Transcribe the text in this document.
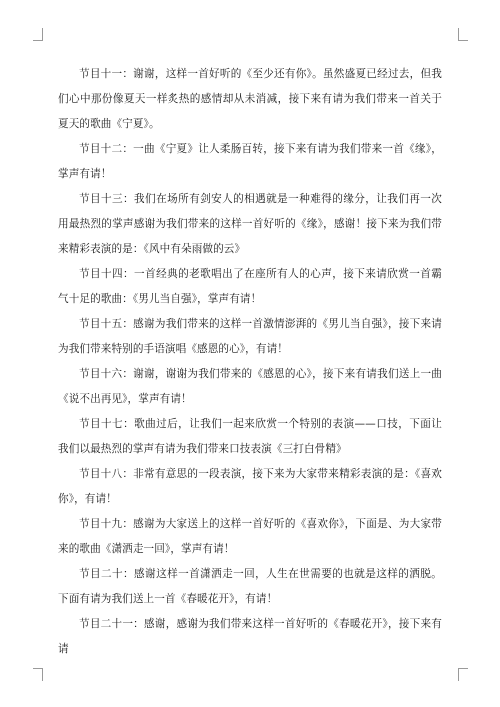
节目十一：谢谢，这样一首好听的《至少还有你》。虽然盛夏已经过去，但我们心中那份像夏天一样炙热的感情却从未消减，接下来有请为我们带来一首关于夏天的歌曲《宁夏》。

节目十二：一曲《宁夏》让人柔肠百转，接下来有请为我们带来一首《缘》，掌声有请！

节目十三：我们在场所有剑安人的相遇就是一种难得的缘分，让我们再一次用最热烈的掌声感谢为我们带来的这样一首好听的《缘》，感谢！接下来为我们带来精彩表演的是：《风中有朵雨做的云》

节目十四：一首经典的老歌唱出了在座所有人的心声，接下来请欣赏一首霸气十足的歌曲：《男儿当自强》，掌声有请！

节目十五：感谢为我们带来的这样一首激情澎湃的《男儿当自强》，接下来请为我们带来特别的手语演唱《感恩的心》，有请！

节目十六：谢谢，谢谢为我们带来的《感恩的心》，接下来有请我们送上一曲《说不出再见》，掌声有请！

节目十七：歌曲过后，让我们一起来欣赏一个特别的表演——口技，下面让我们以最热烈的掌声有请为我们带来口技表演《三打白骨精》

节目十八：非常有意思的一段表演，接下来为大家带来精彩表演的是：《喜欢你》，有请！

节目十九：感谢为大家送上的这样一首好听的《喜欢你》，下面是、为大家带来的歌曲《潇洒走一回》，掌声有请！

节目二十：感谢这样一首潇洒走一回，人生在世需要的也就是这样的洒脱。下面有请为我们送上一首《春暖花开》，有请！

节目二十一：感谢，感谢为我们带来这样一首好听的《春暖花开》，接下来有请
